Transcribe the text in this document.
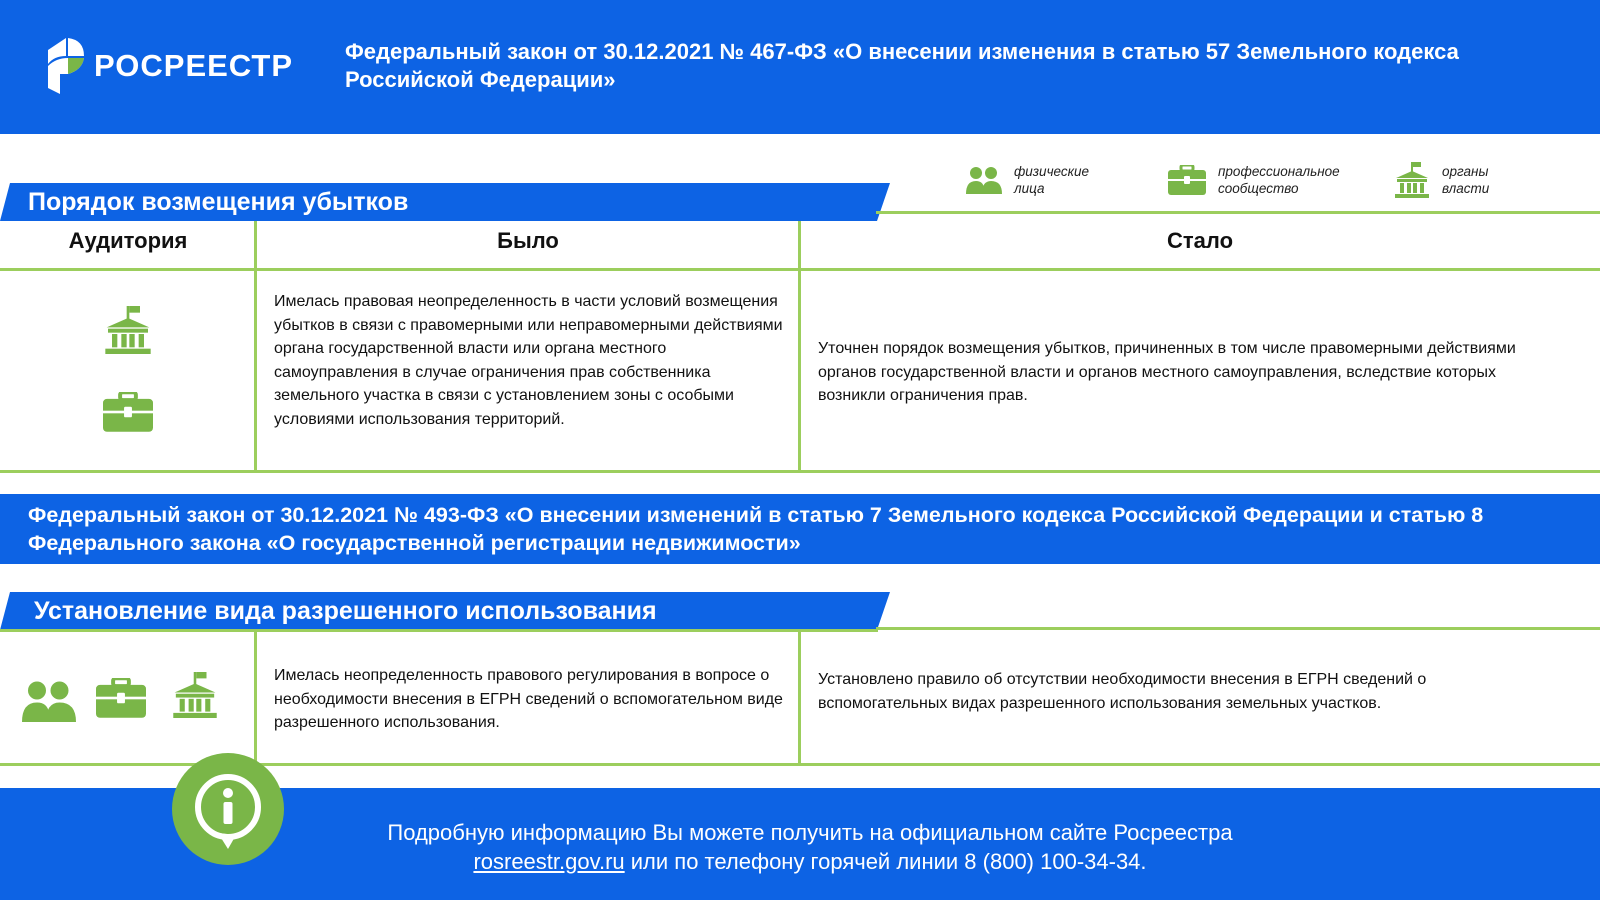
РОСРЕЕСТР Федеральный закон от 30.12.2021 № 467-ФЗ «О внесении изменения в статью 57 Земельного кодекса Российской Федерации»
физические лица
профессиональное сообщество
органы власти
Порядок возмещения убытков
Аудитория	Было	Стало
Имелась правовая неопределенность в части условий возмещения убытков в связи с правомерными или неправомерными действиями органа государственной власти или органа местного самоуправления в случае ограничения прав собственника земельного участка в связи с установлением зоны с особыми условиями использования территорий.
Уточнен порядок возмещения убытков, причиненных в том числе правомерными действиями органов государственной власти и органов местного самоуправления, вследствие которых возникли ограничения прав.
Федеральный закон от 30.12.2021 № 493-ФЗ «О внесении изменений в статью 7 Земельного кодекса Российской Федерации и статью 8 Федерального закона «О государственной регистрации недвижимости»
Установление вида разрешенного использования
Имелась неопределенность правового регулирования в вопросе о необходимости внесения в ЕГРН сведений о вспомогательном виде разрешенного использования.
Установлено правило об отсутствии необходимости внесения в ЕГРН сведений о вспомогательных видах разрешенного использования земельных участков.
Подробную информацию Вы можете получить на официальном сайте Росреестра
rosreestr.gov.ru или по телефону горячей линии 8 (800) 100-34-34.
